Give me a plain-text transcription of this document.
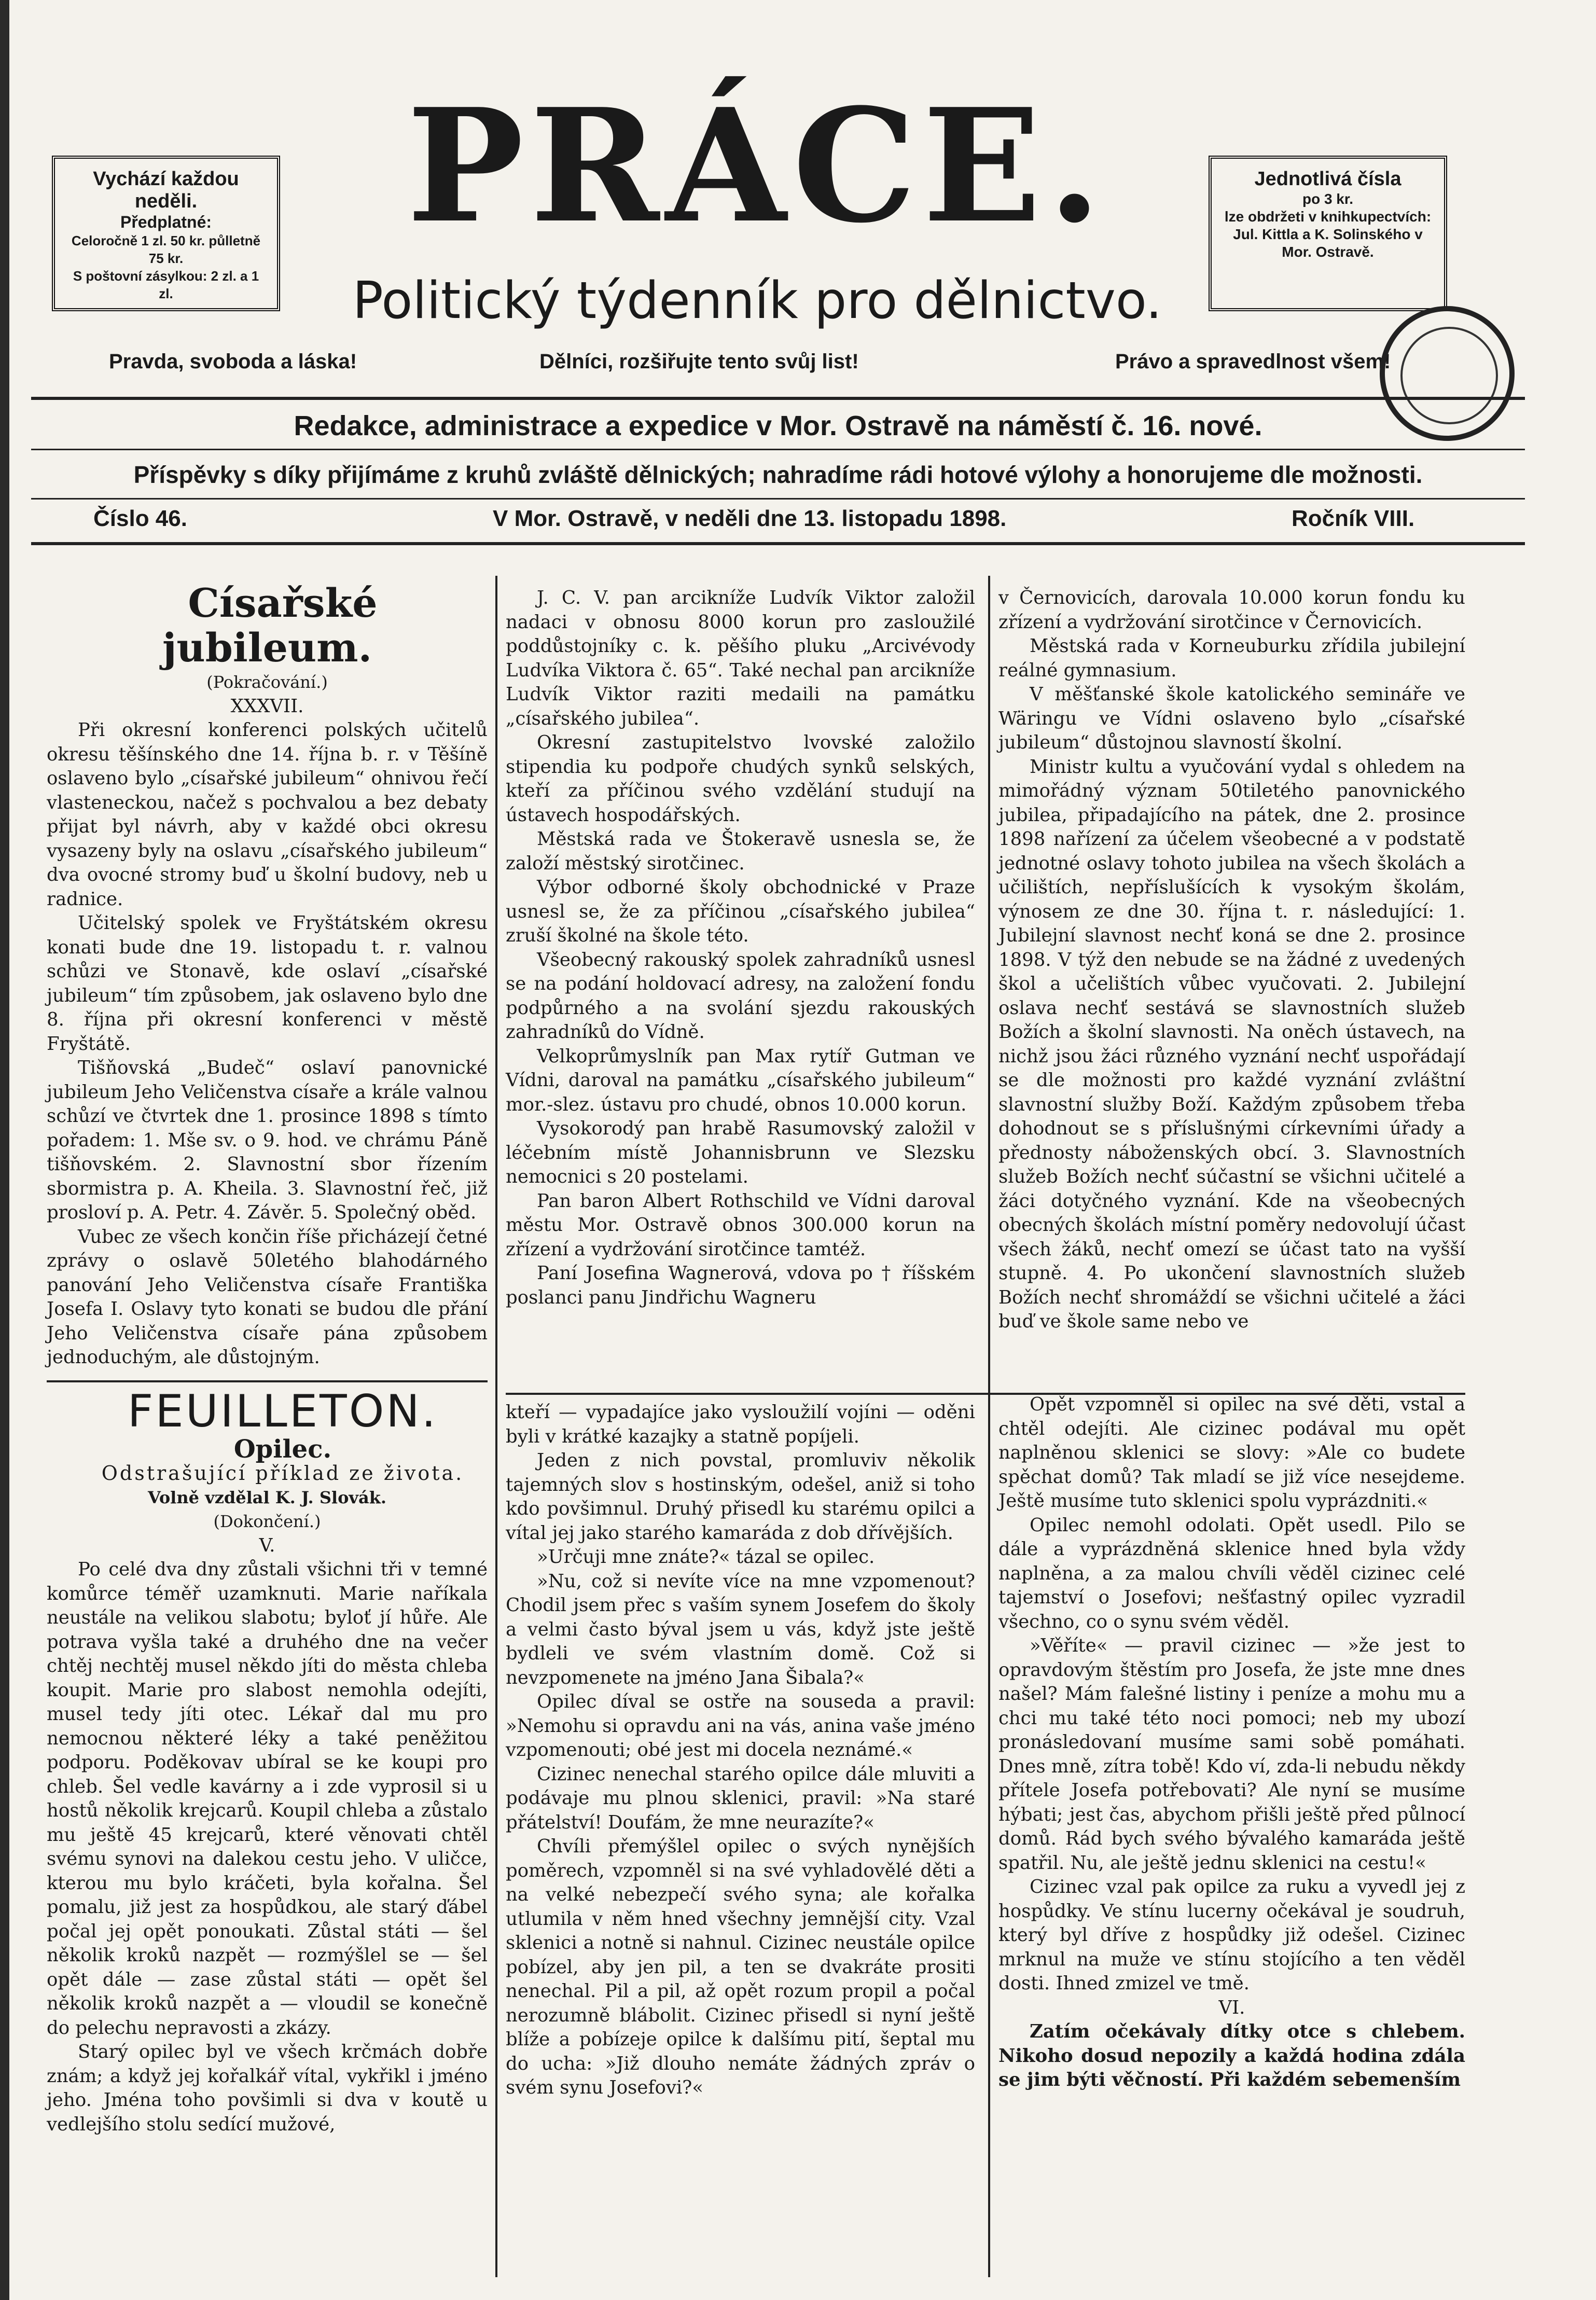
Vychází každou neděli.
Předplatné:
Celoročně 1 zl. 50 kr. půlletně 75 kr.
S poštovní zásylkou: 2 zl. a 1 zl.
PRÁCE.
Politický týdenník pro dělnictvo.
Jednotlivá čísla
po 3 kr.
lze obdržeti v knihkupectvích:
Jul. Kittla a K. Solinského v Mor. Ostravě.
Pravda, svoboda a láska!	Dělníci, rozšiřujte tento svůj list!	Právo a spravedlnost všem!
Redakce, administrace a expedice v Mor. Ostravě na náměstí č. 16. nové.
Příspěvky s díky přijímáme z kruhů zvláště dělnických; nahradíme rádi hotové výlohy a honorujeme dle možnosti.
Číslo 46.	V Mor. Ostravě, v neděli dne 13. listopadu 1898.	Ročník VIII.

Císařské jubileum.

(Pokračování.)

XXXVII.

Při okresní konferenci polských učitelů okresu těšínského dne 14. října b. r. v Těšíně oslaveno bylo „císařské jubileum“ ohnivou řečí vlasteneckou, načež s pochvalou a bez debaty přijat byl návrh, aby v každé obci okresu vysazeny byly na oslavu „císařského jubileum“ dva ovocné stromy buď u školní budovy, neb u radnice.

Učitelský spolek ve Fryštátském okresu konati bude dne 19. listopadu t. r. valnou schůzi ve Stonavě, kde oslaví „císařské jubileum“ tím způsobem, jak oslaveno bylo dne 8. října při okresní konferenci v městě Fryštátě.

Tišňovská „Budeč“ oslaví panovnické jubileum Jeho Veličenstva císaře a krále valnou schůzí ve čtvrtek dne 1. prosince 1898 s tímto pořadem: 1. Mše sv. o 9. hod. ve chrámu Páně tišňovském. 2. Slavnostní sbor řízením sbormistra p. A. Kheila. 3. Slavnostní řeč, již prosloví p. A. Petr. 4. Závěr. 5. Společný oběd.

Vubec ze všech končin říše přicházejí četné zprávy o oslavě 50letého blahodárného panování Jeho Veličenstva císaře Františka Josefa I. Oslavy tyto konati se budou dle přání Jeho Veličenstva císaře pána způsobem jednoduchým, ale důstojným.

FEUILLETON.

Opilec.

Odstrašující příklad ze života.

Volně vzdělal K. J. Slovák.

(Dokončení.)

V.

Po celé dva dny zůstali všichni tři v temné komůrce téměř uzamknuti. Marie naříkala neustále na velikou slabotu; byloť jí hůře. Ale potrava vyšla také a druhého dne na večer chtěj nechtěj musel někdo jíti do města chleba koupit. Marie pro slabost nemohla odejíti, musel tedy jíti otec. Lékař dal mu pro nemocnou některé léky a také peněžitou podporu. Poděkovav ubíral se ke koupi pro chleb. Šel vedle kavárny a i zde vyprosil si u hostů několik krejcarů. Koupil chleba a zůstalo mu ještě 45 krejcarů, které věnovati chtěl svému synovi na dalekou cestu jeho. V uličce, kterou mu bylo kráčeti, byla kořalna. Šel pomalu, již jest za hospůdkou, ale starý ďábel počal jej opět ponoukati. Zůstal státi — šel několik kroků nazpět — rozmýšlel se — šel opět dále — zase zůstal státi — opět šel několik kroků nazpět a — vloudil se konečně do pelechu nepravosti a zkázy.

Starý opilec byl ve všech krčmách dobře znám; a když jej kořalkář vítal, vykřikl i jméno jeho. Jména toho povšimli si dva v koutě u vedlejšího stolu sedící mužové,

J. C. V. pan arcikníže Ludvík Viktor založil nadaci v obnosu 8000 korun pro zasloužilé poddůstojníky c. k. pěšího pluku „Arcivévody Ludvíka Viktora č. 65“. Také nechal pan arcikníže Ludvík Viktor raziti medaili na památku „císařského jubilea“.

Okresní zastupitelstvo lvovské založilo stipendia ku podpoře chudých synků selských, kteří za příčinou svého vzdělání studují na ústavech hospodářských.

Městská rada ve Štokeravě usnesla se, že založí městský sirotčinec.

Výbor odborné školy obchodnické v Praze usnesl se, že za příčinou „císařského jubilea“ zruší školné na škole této.

Všeobecný rakouský spolek zahradníků usnesl se na podání holdovací adresy, na založení fondu podpůrného a na svolání sjezdu rakouských zahradníků do Vídně.

Velkoprůmyslník pan Max rytíř Gutman ve Vídni, daroval na památku „císařského jubileum“ mor.-slez. ústavu pro chudé, obnos 10.000 korun.

Vysokorodý pan hrabě Rasumovský založil v léčebním místě Johannisbrunn ve Slezsku nemocnici s 20 postelami.

Pan baron Albert Rothschild ve Vídni daroval městu Mor. Ostravě obnos 300.000 korun na zřízení a vydržování sirotčince tamtéž.

Paní Josefina Wagnerová, vdova po † říšském poslanci panu Jindřichu Wagneru

v Černovicích, darovala 10.000 korun fondu ku zřízení a vydržování sirotčince v Černovicích.

Městská rada v Korneuburku zřídila jubilejní reálné gymnasium.

V měšťanské škole katolického semináře ve Wäringu ve Vídni oslaveno bylo „císařské jubileum“ důstojnou slavností školní.

Ministr kultu a vyučování vydal s ohledem na mimořádný význam 50tiletého panovnického jubilea, připadajícího na pátek, dne 2. prosince 1898 nařízení za účelem všeobecné a v podstatě jednotné oslavy tohoto jubilea na všech školách a učilištích, nepříslušících k vysokým školám, výnosem ze dne 30. října t. r. následující: 1. Jubilejní slavnost nechť koná se dne 2. prosince 1898. V týž den nebude se na žádné z uvedených škol a učelištích vůbec vyučovati. 2. Jubilejní oslava nechť sestává se slavnostních služeb Božích a školní slavnosti. Na oněch ústavech, na nichž jsou žáci různého vyznání nechť uspořádají se dle možnosti pro každé vyznání zvláštní slavnostní služby Boží. Každým způsobem třeba dohodnout se s příslušnými církevními úřady a přednosty náboženských obcí. 3. Slavnostních služeb Božích nechť súčastní se všichni učitelé a žáci dotyčného vyznání. Kde na všeobecných obecných školách místní poměry nedovolují účast všech žáků, nechť omezí se účast tato na vyšší stupně. 4. Po ukončení slavnostních služeb Božích nechť shromáždí se všichni učitelé a žáci buď ve škole same nebo ve

kteří — vypadajíce jako vysloužilí vojíni — oděni byli v krátké kazajky a statně popíjeli.

Jeden z nich povstal, promluviv několik tajemných slov s hostinským, odešel, aniž si toho kdo povšimnul. Druhý přisedl ku starému opilci a vítal jej jako starého kamaráda z dob dřívějších.

»Určuji mne znáte?« tázal se opilec.

»Nu, což si nevíte více na mne vzpomenout? Chodil jsem přec s vaším synem Josefem do školy a velmi často býval jsem u vás, když jste ještě bydleli ve svém vlastním domě. Což si nevzpomenete na jméno Jana Šibala?«

Opilec díval se ostře na souseda a pravil: »Nemohu si opravdu ani na vás, anina vaše jméno vzpomenouti; obé jest mi docela neznámé.«

Cizinec nenechal starého opilce dále mluviti a podávaje mu plnou sklenici, pravil: »Na staré přátelství! Doufám, že mne neurazíte?«

Chvíli přemýšlel opilec o svých nynějších poměrech, vzpomněl si na své vyhladovělé děti a na velké nebezpečí svého syna; ale kořalka utlumila v něm hned všechny jemnější city. Vzal sklenici a notně si nahnul. Cizinec neustále opilce pobízel, aby jen pil, a ten se dvakráte prositi nenechal. Pil a pil, až opět rozum propil a počal nerozumně blábolit. Cizinec přisedl si nyní ještě blíže a pobízeje opilce k dalšímu pití, šeptal mu do ucha: »Již dlouho nemáte žádných zpráv o svém synu Josefovi?«

Opět vzpomněl si opilec na své děti, vstal a chtěl odejíti. Ale cizinec podával mu opět naplněnou sklenici se slovy: »Ale co budete spěchat domů? Tak mladí se již více nesejdeme. Ještě musíme tuto sklenici spolu vyprázdniti.«

Opilec nemohl odolati. Opět usedl. Pilo se dále a vyprázdněná sklenice hned byla vždy naplněna, a za malou chvíli věděl cizinec celé tajemství o Josefovi; nešťastný opilec vyzradil všechno, co o synu svém věděl.

»Věříte« — pravil cizinec — »že jest to opravdovým štěstím pro Josefa, že jste mne dnes našel? Mám falešné listiny i peníze a mohu mu a chci mu také této noci pomoci; neb my ubozí pronásledovaní musíme sami sobě pomáhati. Dnes mně, zítra tobě! Kdo ví, zda-li nebudu někdy přítele Josefa potřebovati? Ale nyní se musíme hýbati; jest čas, abychom přišli ještě před půlnocí domů. Rád bych svého bývalého kamaráda ještě spatřil. Nu, ale ještě jednu sklenici na cestu!«

Cizinec vzal pak opilce za ruku a vyvedl jej z hospůdky. Ve stínu lucerny očekával je soudruh, který byl dříve z hospůdky již odešel. Cizinec mrknul na muže ve stínu stojícího a ten věděl dosti. Ihned zmizel ve tmě.

VI.

Zatím očekávaly dítky otce s chlebem. Nikoho dosud nepozily a každá hodina zdála se jim býti věčností. Při každém sebemenším
